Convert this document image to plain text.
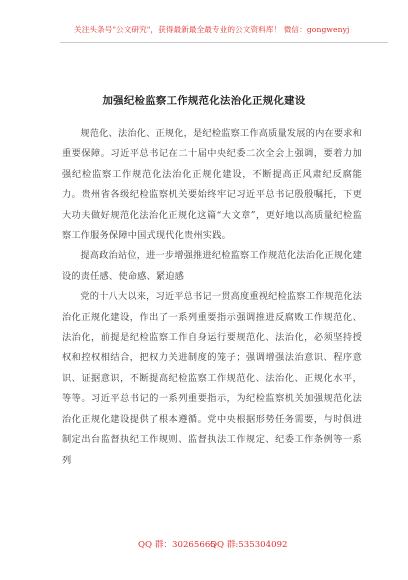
关注头条号"公文研究"，获得最新最全最专业的公文资料库！ 微信：gongwenyj
加强纪检监察工作规范化法治化正规化建设

规范化、法治化、正规化，是纪检监察工作高质量发展的内在要求和重要保障。习近平总书记在二十届中央纪委二次全会上强调，要着力加强纪检监察工作规范化法治化正规化建设，不断提高正风肃纪反腐能力。贵州省各级纪检监察机关要始终牢记习近平总书记殷殷嘱托，下更大功夫做好规范化法治化正规化这篇“大文章”，更好地以高质量纪检监察工作服务保障中国式现代化贵州实践。

提高政治站位，进一步增强推进纪检监察工作规范化法治化正规化建设的责任感、使命感、紧迫感

党的十八大以来，习近平总书记一贯高度重视纪检监察工作规范化法治化正规化建设，作出了一系列重要指示强调推进反腐败工作规范化、法治化，前提是纪检监察工作自身运行要规范化、法治化，必须坚持授权和控权相结合，把权力关进制度的笼子；强调增强法治意识、程序意识、证据意识，不断提高纪检监察工作规范化、法治化、正规化水平，等等。习近平总书记的一系列重要指示，为纪检监察机关加强规范化法治化正规化建设提供了根本遵循。党中央根据形势任务需要，与时俱进制定出台监督执纪工作规则、监督执法工作规定、纪委工作条例等一系列

QQ 群：30265665
QQ 群:535304092
